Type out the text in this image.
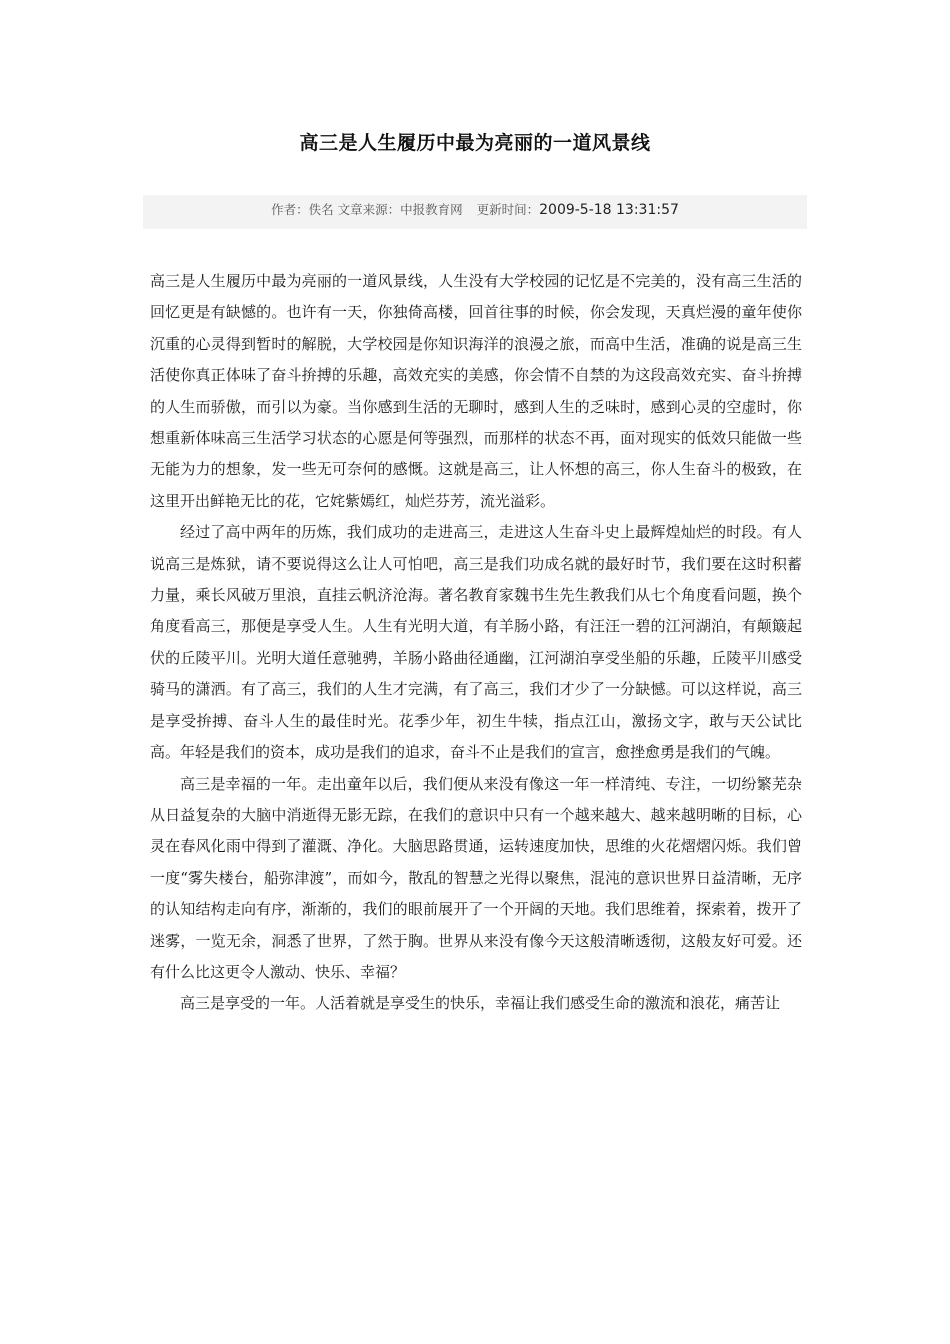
高三是人生履历中最为亮丽的一道风景线
作者：佚名 文章来源：中报教育网 更新时间：2009-5-18 13:31:57

高三是人生履历中最为亮丽的一道风景线，人生没有大学校园的记忆是不完美的，没有高三生活的回忆更是有缺憾的。也许有一天，你独倚高楼，回首往事的时候，你会发现，天真烂漫的童年使你沉重的心灵得到暂时的解脱，大学校园是你知识海洋的浪漫之旅，而高中生活，准确的说是高三生活使你真正体味了奋斗拚搏的乐趣，高效充实的美感，你会情不自禁的为这段高效充实、奋斗拚搏的人生而骄傲，而引以为豪。当你感到生活的无聊时，感到人生的乏味时，感到心灵的空虚时，你想重新体味高三生活学习状态的心愿是何等强烈，而那样的状态不再，面对现实的低效只能做一些无能为力的想象，发一些无可奈何的感慨。这就是高三，让人怀想的高三，你人生奋斗的极致，在这里开出鲜艳无比的花，它姹紫嫣红，灿烂芬芳，流光溢彩。

经过了高中两年的历炼，我们成功的走进高三，走进这人生奋斗史上最辉煌灿烂的时段。有人说高三是炼狱，请不要说得这么让人可怕吧，高三是我们功成名就的最好时节，我们要在这时积蓄力量，乘长风破万里浪，直挂云帆济沧海。著名教育家魏书生先生教我们从七个角度看问题，换个角度看高三，那便是享受人生。人生有光明大道，有羊肠小路，有汪汪一碧的江河湖泊，有颠簸起伏的丘陵平川。光明大道任意驰骋，羊肠小路曲径通幽，江河湖泊享受坐船的乐趣，丘陵平川感受骑马的潇洒。有了高三，我们的人生才完满，有了高三，我们才少了一分缺憾。可以这样说，高三是享受拚搏、奋斗人生的最佳时光。花季少年，初生牛犊，指点江山，激扬文字，敢与天公试比高。年轻是我们的资本，成功是我们的追求，奋斗不止是我们的宣言，愈挫愈勇是我们的气魄。

高三是幸福的一年。走出童年以后，我们便从来没有像这一年一样清纯、专注，一切纷繁芜杂从日益复杂的大脑中消逝得无影无踪，在我们的意识中只有一个越来越大、越来越明晰的目标，心灵在春风化雨中得到了灌溉、净化。大脑思路贯通，运转速度加快，思维的火花熠熠闪烁。我们曾一度“雾失楼台，船弥津渡”，而如今，散乱的智慧之光得以聚焦，混沌的意识世界日益清晰，无序的认知结构走向有序，渐渐的，我们的眼前展开了一个开阔的天地。我们思维着，探索着，拨开了迷雾，一览无余，洞悉了世界，了然于胸。世界从来没有像今天这般清晰透彻，这般友好可爱。还有什么比这更令人激动、快乐、幸福？

高三是享受的一年。人活着就是享受生的快乐，幸福让我们感受生命的激流和浪花，痛苦让
